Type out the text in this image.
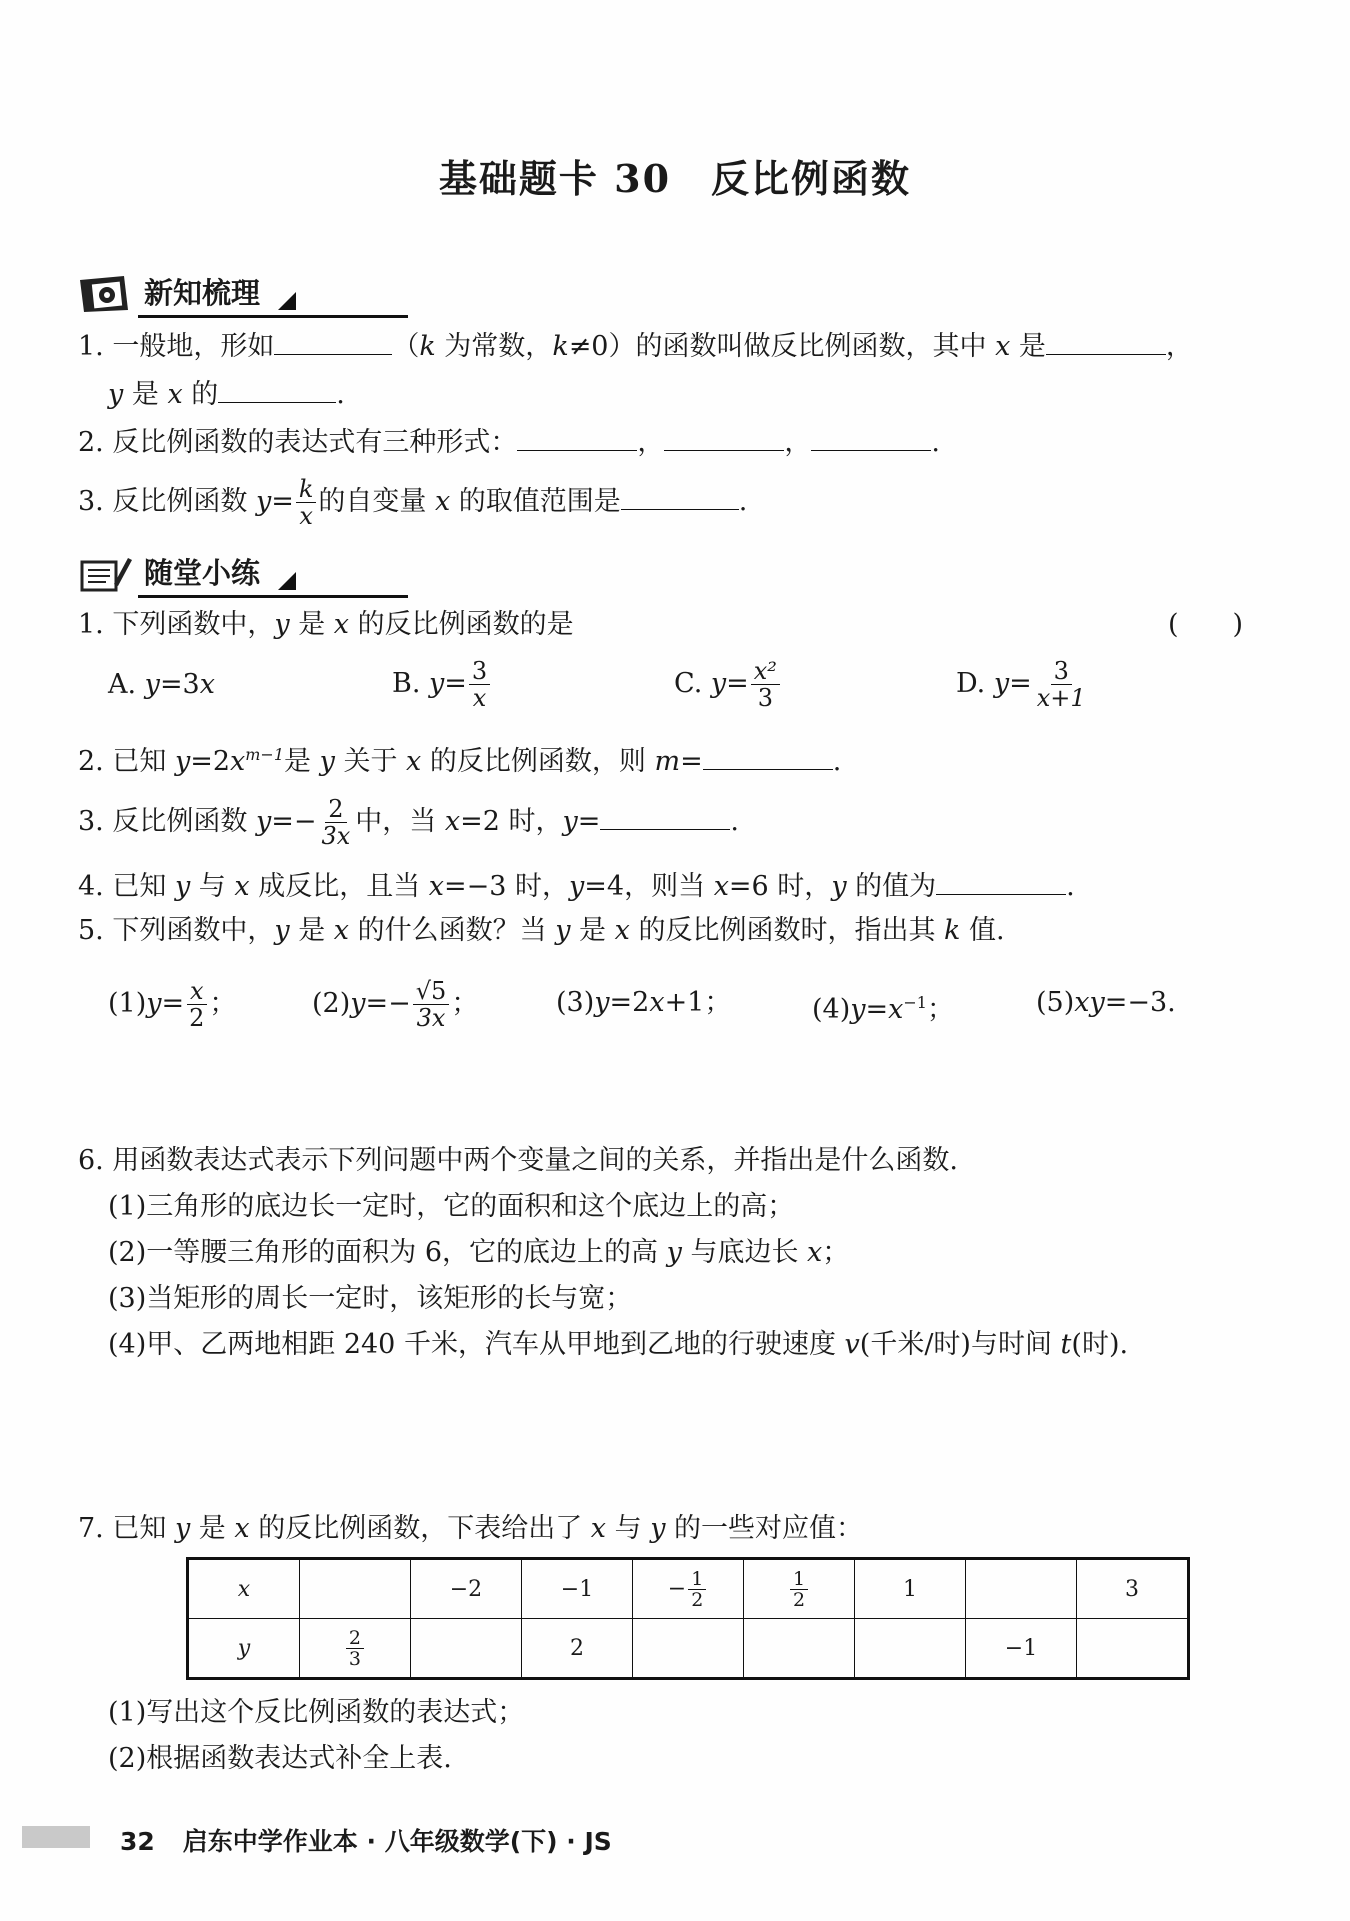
基础题卡 30 反比例函数
新知梳理
1. 一般地，形如	（k 为常数，k≠0）的函数叫做反比例函数，其中 x 是	，
y 是 x 的	.
2. 反比例函数的表达式有三种形式：	，	，	.
3. 反比例函数 $y= \frac{k}{x}$ 的自变量 x 的取值范围是	.
随堂小练
1. 下列函数中，y 是 x 的反比例函数的是	(　　)
A. y=3x	B. $y= \frac{3}{x}$	C. $y= \frac{\text{x²}}{3}$	D. $y= \frac{3}{x+1}$
2. 已知 $y=2x^{m-1}$是 y 关于 x 的反比例函数，则 m=	.
3. 反比例函数 $y=- \frac{2}{3x}$ 中，当 x=2 时，y=	.
4. 已知 y 与 x 成反比，且当 x=−3 时，y=4，则当 x=6 时，y 的值为	.
5. 下列函数中，y 是 x 的什么函数？当 y 是 x 的反比例函数时，指出其 k 值.
$(1)y= \frac{x}{2}$ ；	$(2)y=- \frac{√5}{3x}$ ；	(3)y=2x+1；	$(4)y=x^{-1}$；	(5)xy=−3.
6. 用函数表达式表示下列问题中两个变量之间的关系，并指出是什么函数.
(1)三角形的底边长一定时，它的面积和这个底边上的高；
(2)一等腰三角形的面积为 6，它的底边上的高 y 与底边长 x；
(3)当矩形的周长一定时，该矩形的长与宽；
(4)甲、乙两地相距 240 千米，汽车从甲地到乙地的行驶速度 v(千米/时)与时间 t(时).
7. 已知 y 是 x 的反比例函数，下表给出了 x 与 y 的一些对应值：
x		−2	−1	− $\frac{1}{2}$	$\frac{1}{2}$	1		3
y	$\frac{2}{3}$		2				−1	
(1)写出这个反比例函数的表达式；
(2)根据函数表达式补全上表.
32 启东中学作业本 · 八年级数学(下) · JS
